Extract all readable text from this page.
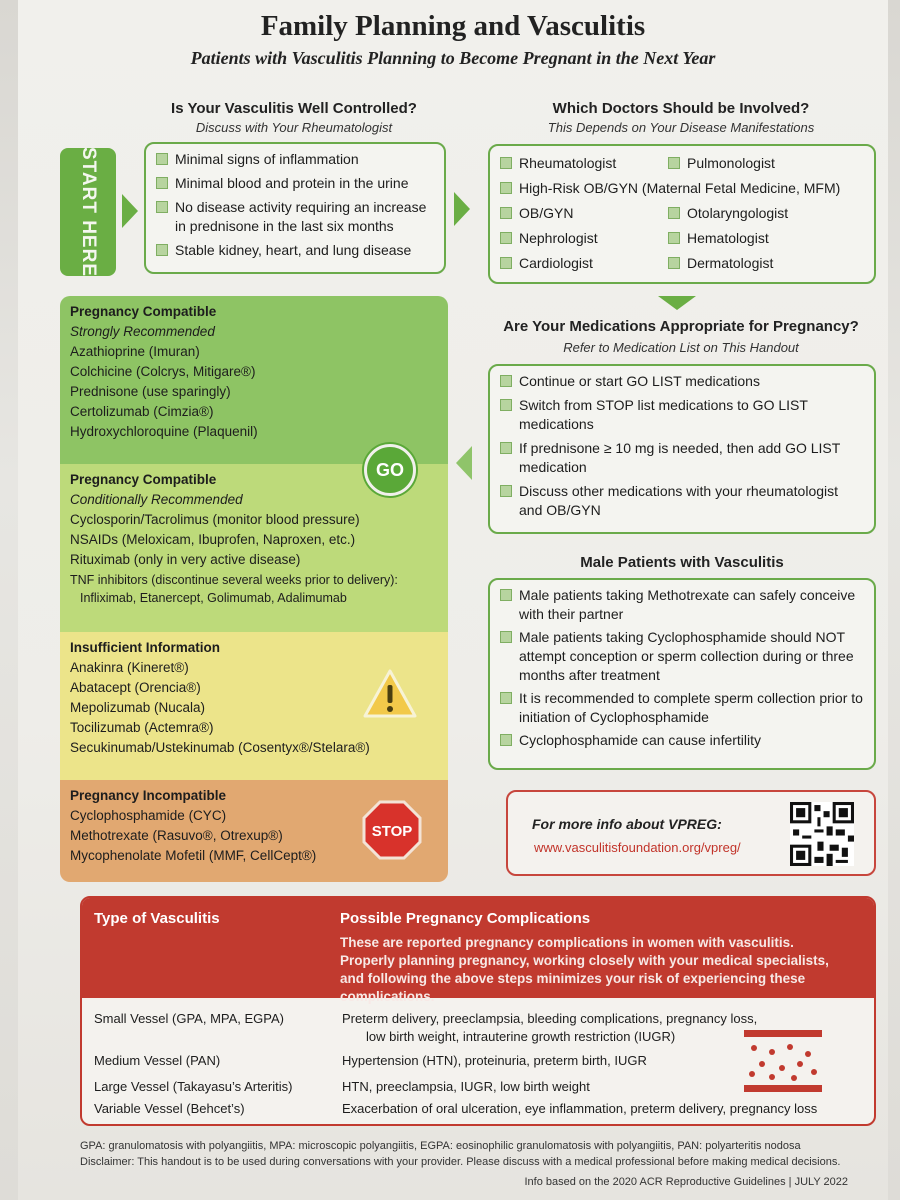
Family Planning and Vasculitis
Patients with Vasculitis Planning to Become Pregnant in the Next Year
START HERE
Is Your Vasculitis Well Controlled?
Discuss with Your Rheumatologist
Minimal signs of inflammation
Minimal blood and protein in the urine
No disease activity requiring an increase in prednisone in the last six months
Stable kidney, heart, and lung disease
Which Doctors Should be Involved?
This Depends on Your Disease Manifestations
Rheumatologist	Pulmonologist
High-Risk OB/GYN (Maternal Fetal Medicine, MFM)
OB/GYN	Otolaryngologist
Nephrologist	Hematologist
Cardiologist	Dermatologist
Are Your Medications Appropriate for Pregnancy?
Refer to Medication List on This Handout
Continue or start GO LIST medications
Switch from STOP list medications to GO LIST medications
If prednisone ≥ 10 mg is needed, then add GO LIST medication
Discuss other medications with your rheumatologist and OB/GYN
Male Patients with Vasculitis
Male patients taking Methotrexate can safely conceive with their partner
Male patients taking Cyclophosphamide should NOT attempt conception or sperm collection during or three months after treatment
It is recommended to complete sperm collection prior to initiation of Cyclophosphamide
Cyclophosphamide can cause infertility
Pregnancy Compatible
Strongly Recommended
Azathioprine (Imuran)
Colchicine (Colcrys, Mitigare®)
Prednisone (use sparingly)
Certolizumab (Cimzia®)
Hydroxychloroquine (Plaquenil)
Pregnancy Compatible
Conditionally Recommended
Cyclosporin/Tacrolimus (monitor blood pressure)
NSAIDs (Meloxicam, Ibuprofen, Naproxen, etc.)
Rituximab (only in very active disease)
TNF inhibitors (discontinue several weeks prior to delivery):
Infliximab, Etanercept, Golimumab, Adalimumab
GO
Insufficient Information
Anakinra (Kineret®)
Abatacept (Orencia®)
Mepolizumab (Nucala)
Tocilizumab (Actemra®)
Secukinumab/Ustekinumab (Cosentyx®/Stelara®)
Pregnancy Incompatible
Cyclophosphamide (CYC)
Methotrexate (Rasuvo®, Otrexup®)
Mycophenolate Mofetil (MMF, CellCept®)
STOP	For more info about VPREG:
www.vasculitisfoundation.org/vpreg/
Type of Vasculitis	Possible Pregnancy Complications
These are reported pregnancy complications in women with vasculitis. Properly planning pregnancy, working closely with your medical specialists, and following the above steps minimizes your risk of experiencing these complications.
Small Vessel (GPA, MPA, EGPA)	Preterm delivery, preeclampsia, bleeding complications, pregnancy loss,
low birth weight, intrauterine growth restriction (IUGR)
Medium Vessel (PAN)	Hypertension (HTN), proteinuria, preterm birth, IUGR
Large Vessel (Takayasu’s Arteritis)	HTN, preeclampsia, IUGR, low birth weight
Variable Vessel (Behcet’s)	Exacerbation of oral ulceration, eye inflammation, preterm delivery, pregnancy loss
GPA: granulomatosis with polyangiitis, MPA: microscopic polyangiitis, EGPA: eosinophilic granulomatosis with polyangiitis, PAN: polyarteritis nodosa
Disclaimer: This handout is to be used during conversations with your provider. Please discuss with a medical professional before making medical decisions.
Info based on the 2020 ACR Reproductive Guidelines | JULY 2022
